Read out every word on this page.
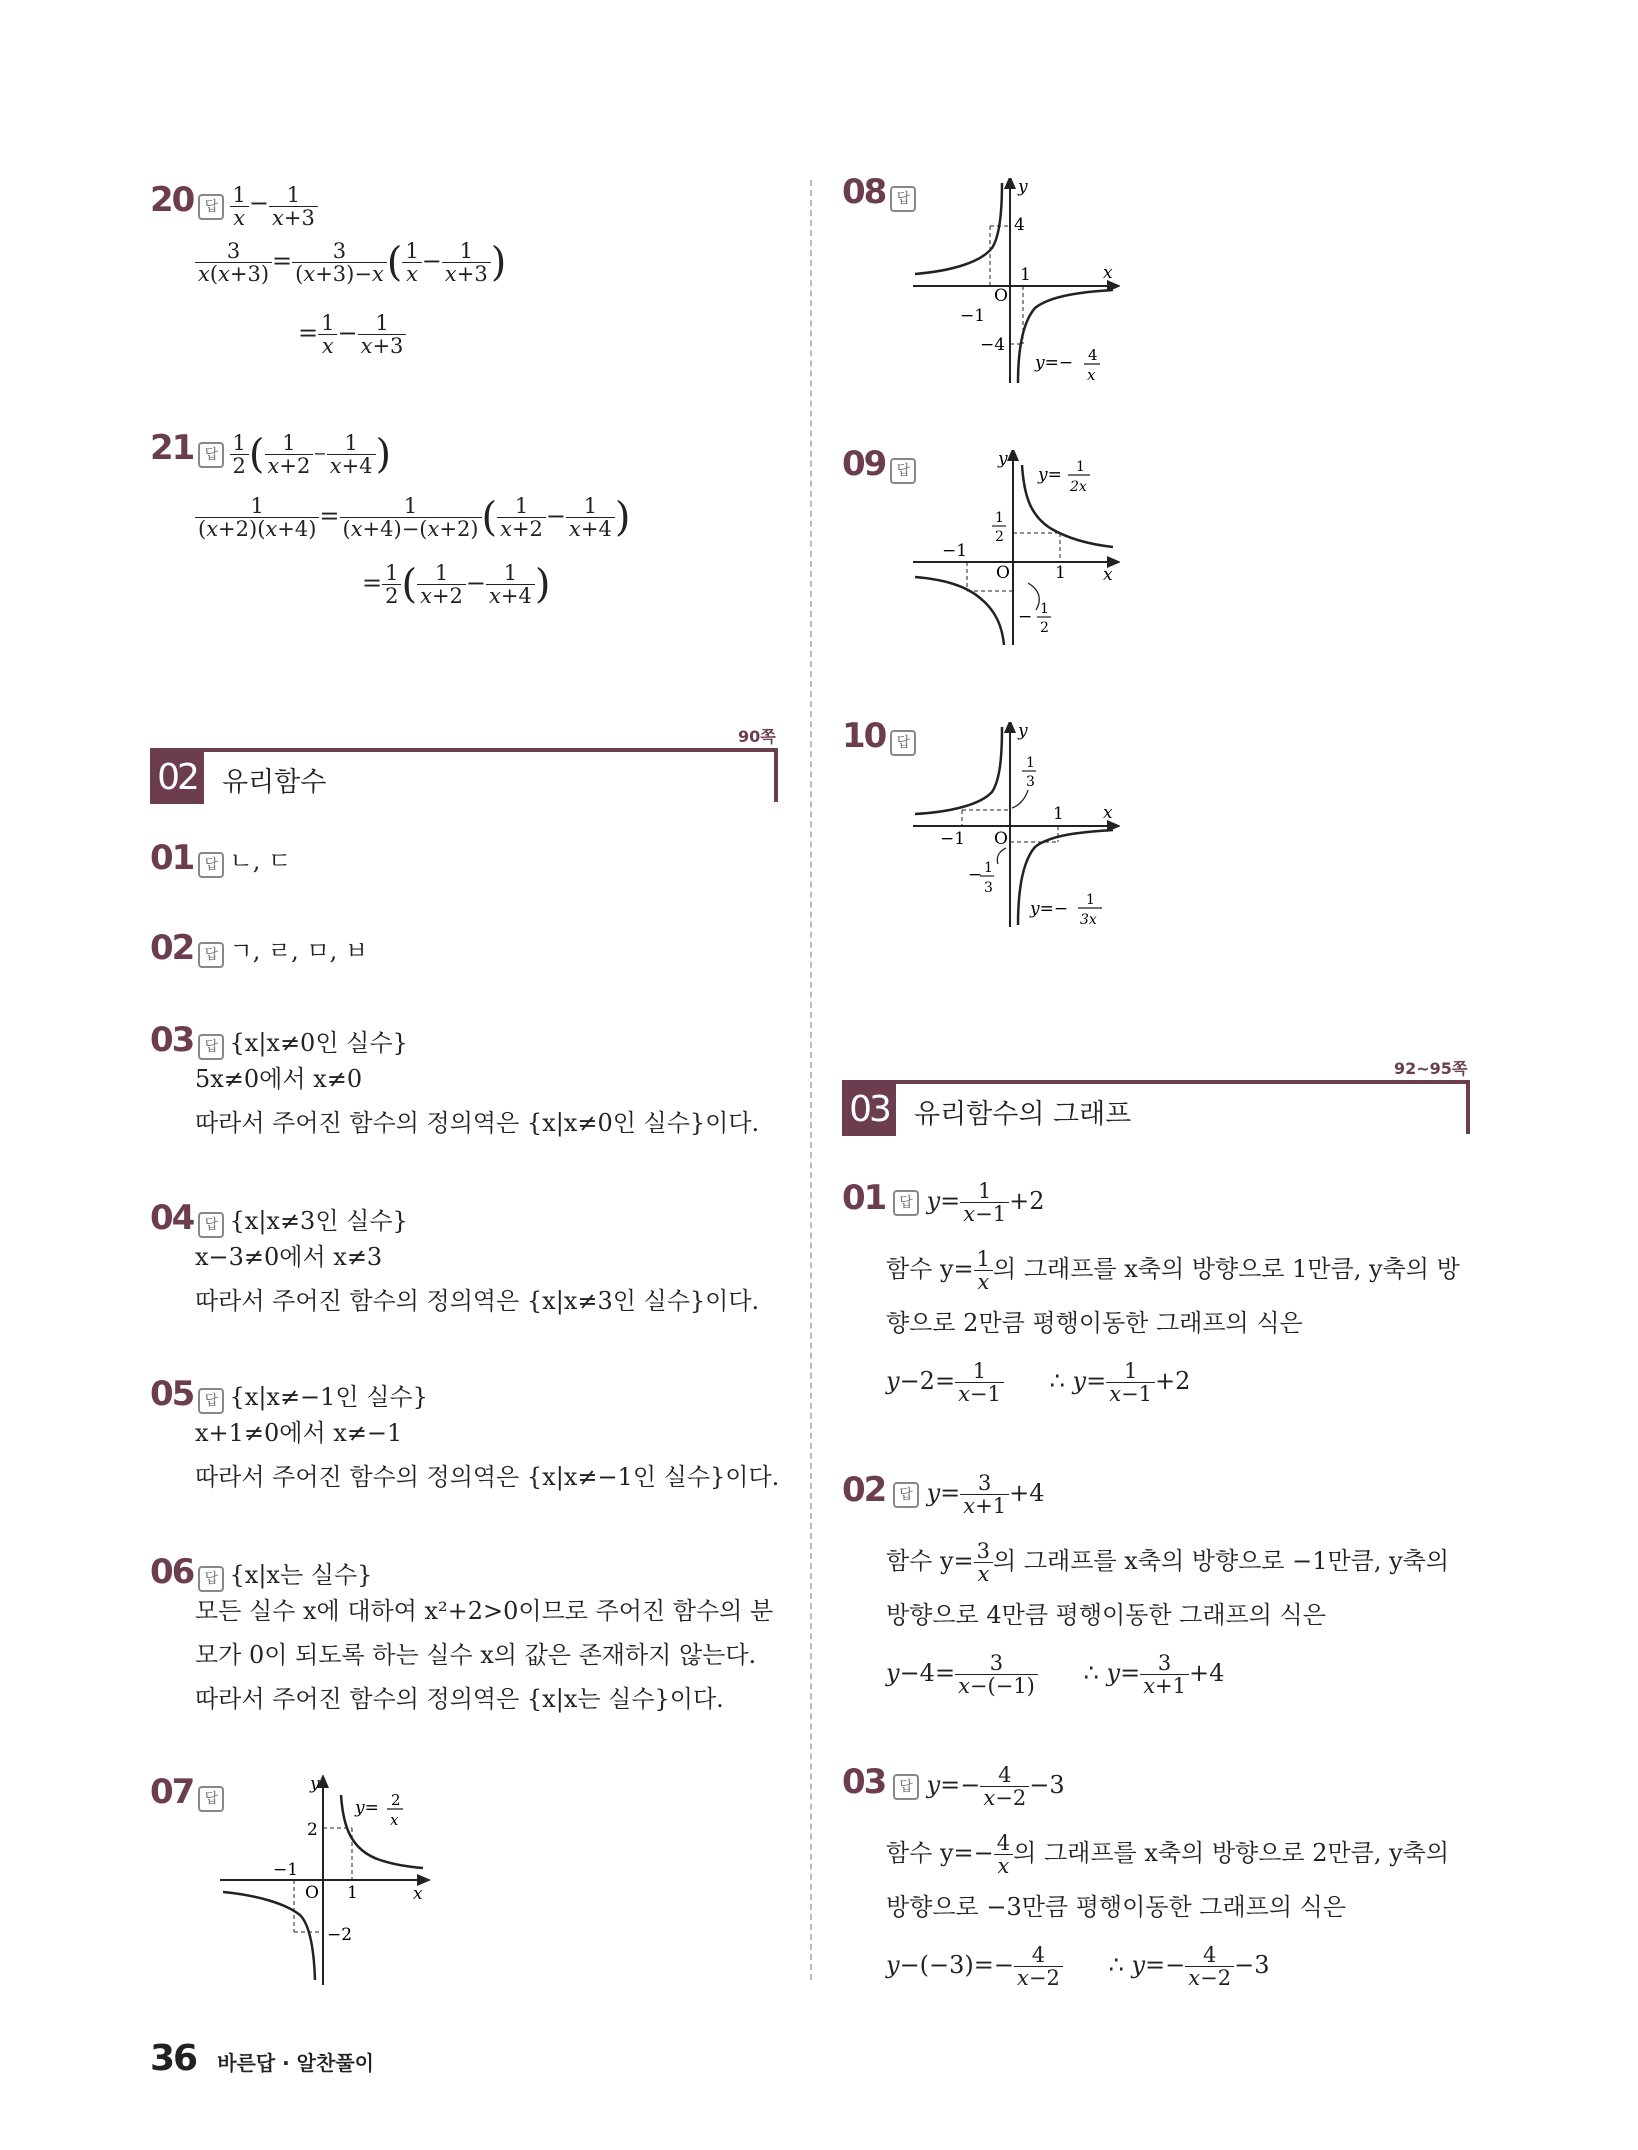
20 답 $\frac{1}{x} - \frac{1}{x+3}$
$\frac{3}{x(x+3)} = \frac{3}{(x+3)-x}$ ( $\frac{1}{x} - \frac{1}{x+3}$ )
= $\frac{1}{x} - \frac{1}{x+3}$
21 답 $\frac{1}{2}$ ( $\frac{1}{x+2} - \frac{1}{x+4}$ )
$\frac{1}{(x+2)(x+4)} = \frac{1}{(x+4)-(x+2)}$ ( $\frac{1}{x+2} - \frac{1}{x+4}$ )
= $\frac{1}{2}$ ( $\frac{1}{x+2} - \frac{1}{x+4}$ )
90쪽
02 유리함수
01 답 ㄴ, ㄷ
02 답 ㄱ, ㄹ, ㅁ, ㅂ
03 답 {x|x≠0인 실수}
5x≠0에서 x≠0
따라서 주어진 함수의 정의역은 {x|x≠0인 실수}이다.
04 답 {x|x≠3인 실수}
x−3≠0에서 x≠3
따라서 주어진 함수의 정의역은 {x|x≠3인 실수}이다.
05 답 {x|x≠−1인 실수}
x+1≠0에서 x≠−1
따라서 주어진 함수의 정의역은 {x|x≠−1인 실수}이다.
06 답 {x|x는 실수}
모든 실수 x에 대하여 x²+2>0이므로 주어진 함수의 분
모가 0이 되도록 하는 실수 x의 값은 존재하지 않는다.
따라서 주어진 함수의 정의역은 {x|x는 실수}이다.
07 답
2
−1
O 1
−2
x
y
y= 2
x
36 바른답 · 알찬풀이
08 답
4
1
O
−1
−4
x
y
y=− 4
x
09 답
1
2
−1
O	1
− 1
2
x
y
y= 1
2x
10 답
1
3
1
−1 O
− 1
3
x
y
y=− 1
3x
92~95쪽
03 유리함수의 그래프
01 답 $y= \frac{1}{x-1} +2$
함수 $y= \frac{1}{x}$ 의 그래프를 x축의 방향으로 1만큼, y축의 방
향으로 2만큼 평행이동한 그래프의 식은
$y-2= \frac{1}{x-1}$ ∴ $y= \frac{1}{x-1} +2$
02 답 $y= \frac{3}{x+1} +4$
함수 $y= \frac{3}{x}$ 의 그래프를 x축의 방향으로 −1만큼, y축의
방향으로 4만큼 평행이동한 그래프의 식은
$y-4= \frac{3}{x-(-1)}$ ∴ $y= \frac{3}{x+1} +4$
03 답 $y=- \frac{4}{x-2} -3$
함수 $y=- \frac{4}{x}$ 의 그래프를 x축의 방향으로 2만큼, y축의
방향으로 −3만큼 평행이동한 그래프의 식은
$y-(-3)=- \frac{4}{x-2}$ ∴ $y=- \frac{4}{x-2} -3$
